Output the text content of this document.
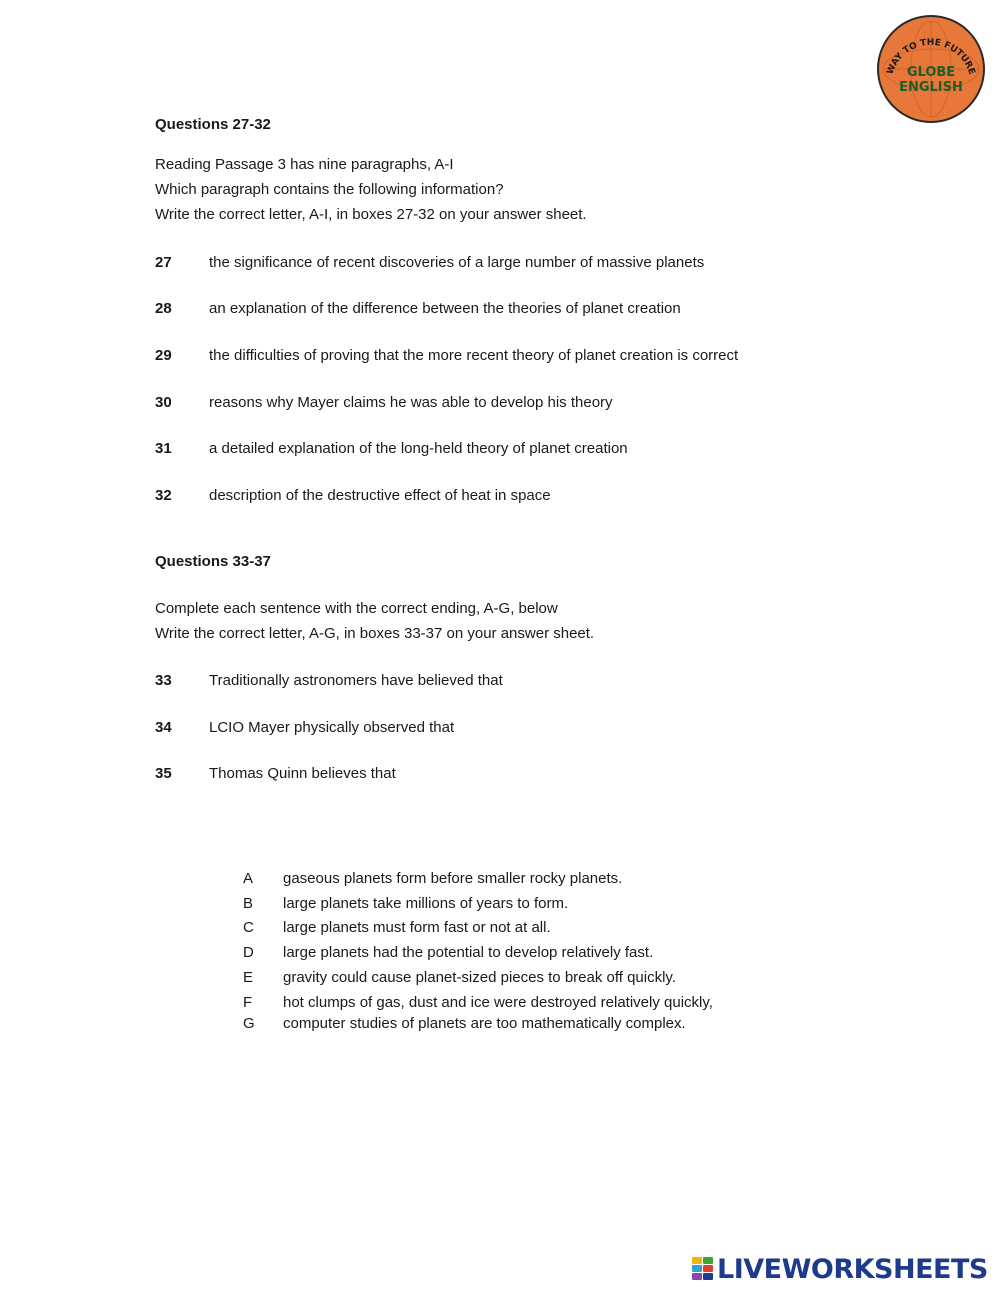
WAY TO THE FUTURE
GLOBE
ENGLISH
Questions 27-32
Reading Passage 3 has nine paragraphs, A-I
Which paragraph contains the following information?
Write the correct letter, A-I, in boxes 27-32 on your answer sheet.
27 the significance of recent discoveries of a large number of massive planets
28 an explanation of the difference between the theories of planet creation
29 the difficulties of proving that the more recent theory of planet creation is correct
30 reasons why Mayer claims he was able to develop his theory
31 a detailed explanation of the long-held theory of planet creation
32 description of the destructive effect of heat in space
Questions 33-37
Complete each sentence with the correct ending, A-G, below
Write the correct letter, A-G, in boxes 33-37 on your answer sheet.
33 Traditionally astronomers have believed that
34 LCIO Mayer physically observed that
35 Thomas Quinn believes that
A gaseous planets form before smaller rocky planets.
B large planets take millions of years to form.
C large planets must form fast or not at all.
D large planets had the potential to develop relatively fast.
E gravity could cause planet-sized pieces to break off quickly.
F hot clumps of gas, dust and ice were destroyed relatively quickly,
G computer studies of planets are too mathematically complex.
LIVEWORKSHEETS
